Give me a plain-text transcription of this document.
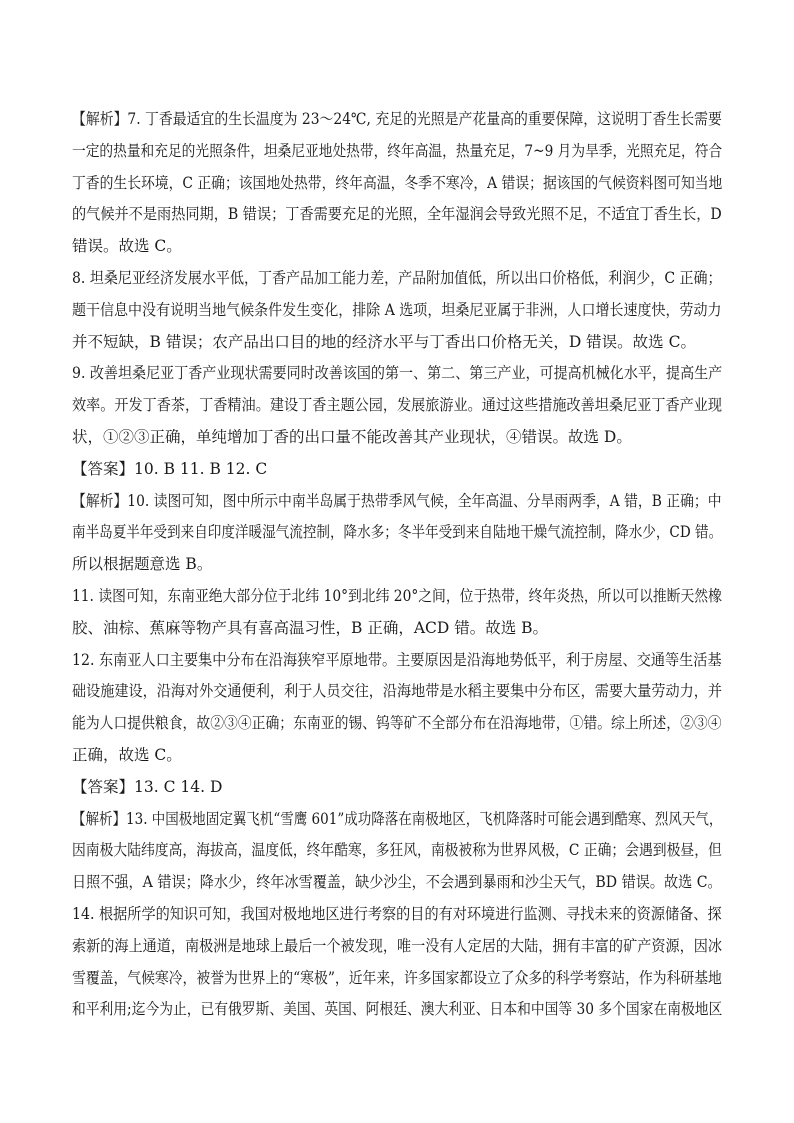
【解析】7. 丁香最适宜的生长温度为 23～24℃, 充足的光照是产花量高的重要保障，这说明丁香生长需要
一定的热量和充足的光照条件，坦桑尼亚地处热带，终年高温，热量充足，7~9 月为旱季，光照充足，符合
丁香的生长环境，C 正确；该国地处热带，终年高温，冬季不寒冷，A 错误；据该国的气候资料图可知当地
的气候并不是雨热同期，B 错误；丁香需要充足的光照，全年湿润会导致光照不足，不适宜丁香生长，D
错误。故选 C。
8. 坦桑尼亚经济发展水平低，丁香产品加工能力差，产品附加值低，所以出口价格低，利润少，C 正确；
题干信息中没有说明当地气候条件发生变化，排除 A 选项，坦桑尼亚属于非洲，人口增长速度快，劳动力
并不短缺，B 错误；农产品出口目的地的经济水平与丁香出口价格无关，D 错误。故选 C。
9. 改善坦桑尼亚丁香产业现状需要同时改善该国的第一、第二、第三产业，可提高机械化水平，提高生产
效率。开发丁香茶，丁香精油。建设丁香主题公园，发展旅游业。通过这些措施改善坦桑尼亚丁香产业现
状，①②③正确，单纯增加丁香的出口量不能改善其产业现状，④错误。故选 D。
【答案】10. B 11. B 12. C
【解析】10. 读图可知，图中所示中南半岛属于热带季风气候，全年高温、分旱雨两季，A 错，B 正确；中
南半岛夏半年受到来自印度洋暖湿气流控制，降水多；冬半年受到来自陆地干燥气流控制，降水少，CD 错。
所以根据题意选 B。
11. 读图可知，东南亚绝大部分位于北纬 10°到北纬 20°之间，位于热带，终年炎热，所以可以推断天然橡
胶、油棕、蕉麻等物产具有喜高温习性，B 正确，ACD 错。故选 B。
12. 东南亚人口主要集中分布在沿海狭窄平原地带。主要原因是沿海地势低平，利于房屋、交通等生活基
础设施建设，沿海对外交通便利，利于人员交往，沿海地带是水稻主要集中分布区，需要大量劳动力，并
能为人口提供粮食，故②③④正确；东南亚的锡、钨等矿不全部分布在沿海地带，①错。综上所述，②③④
正确，故选 C。
【答案】13. C 14. D
【解析】13. 中国极地固定翼飞机“雪鹰 601”成功降落在南极地区，飞机降落时可能会遇到酷寒、烈风天气，
因南极大陆纬度高，海拔高，温度低，终年酷寒，多狂风，南极被称为世界风极，C 正确；会遇到极昼，但
日照不强，A 错误；降水少，终年冰雪覆盖，缺少沙尘，不会遇到暴雨和沙尘天气，BD 错误。故选 C。
14. 根据所学的知识可知，我国对极地地区进行考察的目的有对环境进行监测、寻找未来的资源储备、探
索新的海上通道，南极洲是地球上最后一个被发现，唯一没有人定居的大陆，拥有丰富的矿产资源，因冰
雪覆盖，气候寒冷，被誉为世界上的“寒极”，近年来，许多国家都设立了众多的科学考察站，作为科研基地
和平利用;迄今为止，已有俄罗斯、美国、英国、阿根廷、澳大利亚、日本和中国等 30 多个国家在南极地区
